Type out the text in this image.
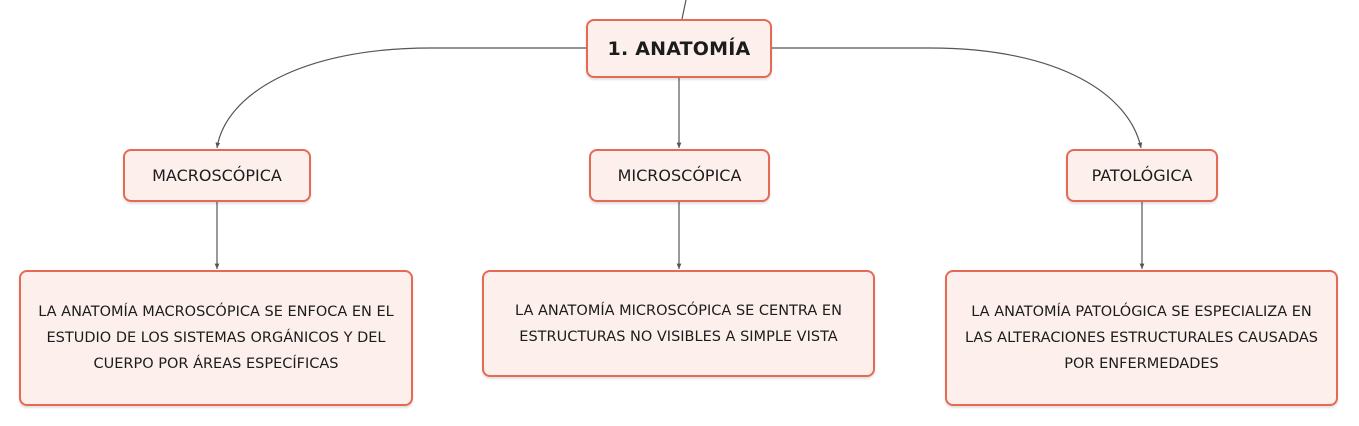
1. ANATOMÍA
MACROSCÓPICA	MICROSCÓPICA	PATOLÓGICA
LA ANATOMÍA MACROSCÓPICA SE ENFOCA EN EL ESTUDIO DE LOS SISTEMAS ORGÁNICOS Y DEL CUERPO POR ÁREAS ESPECÍFICAS
LA ANATOMÍA MICROSCÓPICA SE CENTRA EN ESTRUCTURAS NO VISIBLES A SIMPLE VISTA
LA ANATOMÍA PATOLÓGICA SE ESPECIALIZA EN LAS ALTERACIONES ESTRUCTURALES CAUSADAS POR ENFERMEDADES
